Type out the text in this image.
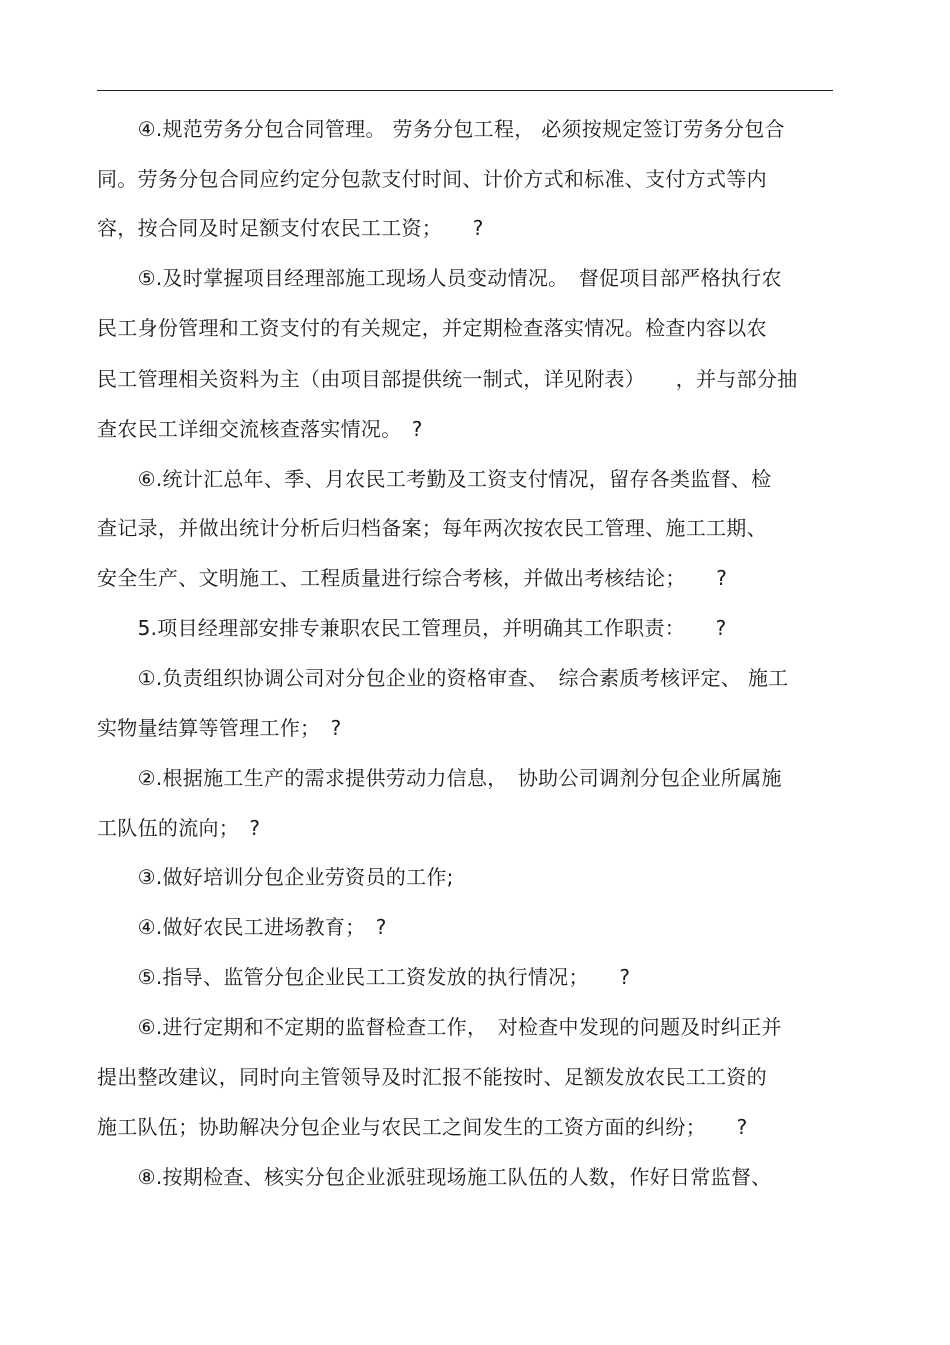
　　④.规范劳务分包合同管理。 劳务分包工程， 必须按规定签订劳务分包合
同。劳务分包合同应约定分包款支付时间、计价方式和标准、支付方式等内
容，按合同及时足额支付农民工工资；　　?
　　⑤.及时掌握项目经理部施工现场人员变动情况。　督促项目部严格执行农
民工身份管理和工资支付的有关规定，并定期检查落实情况。检查内容以农
民工管理相关资料为主（由项目部提供统一制式，详见附表）　　，并与部分抽
查农民工详细交流核查落实情况。　?
　　⑥.统计汇总年、季、月农民工考勤及工资支付情况，留存各类监督、检
查记录，并做出统计分析后归档备案；每年两次按农民工管理、施工工期、
安全生产、文明施工、工程质量进行综合考核，并做出考核结论；　　?
　　5.项目经理部安排专兼职农民工管理员，并明确其工作职责：　　?
　　①.负责组织协调公司对分包企业的资格审查、　综合素质考核评定、 施工
实物量结算等管理工作；　?
　　②.根据施工生产的需求提供劳动力信息，　协助公司调剂分包企业所属施
工队伍的流向；　?
　　③.做好培训分包企业劳资员的工作;
　　④.做好农民工进场教育；　?
　　⑤.指导、监管分包企业民工工资发放的执行情况；　　?
　　⑥.进行定期和不定期的监督检查工作，　对检查中发现的问题及时纠正并
提出整改建议，同时向主管领导及时汇报不能按时、足额发放农民工工资的
施工队伍；协助解决分包企业与农民工之间发生的工资方面的纠纷；　　?
　　⑧.按期检查、核实分包企业派驻现场施工队伍的人数，作好日常监督、
